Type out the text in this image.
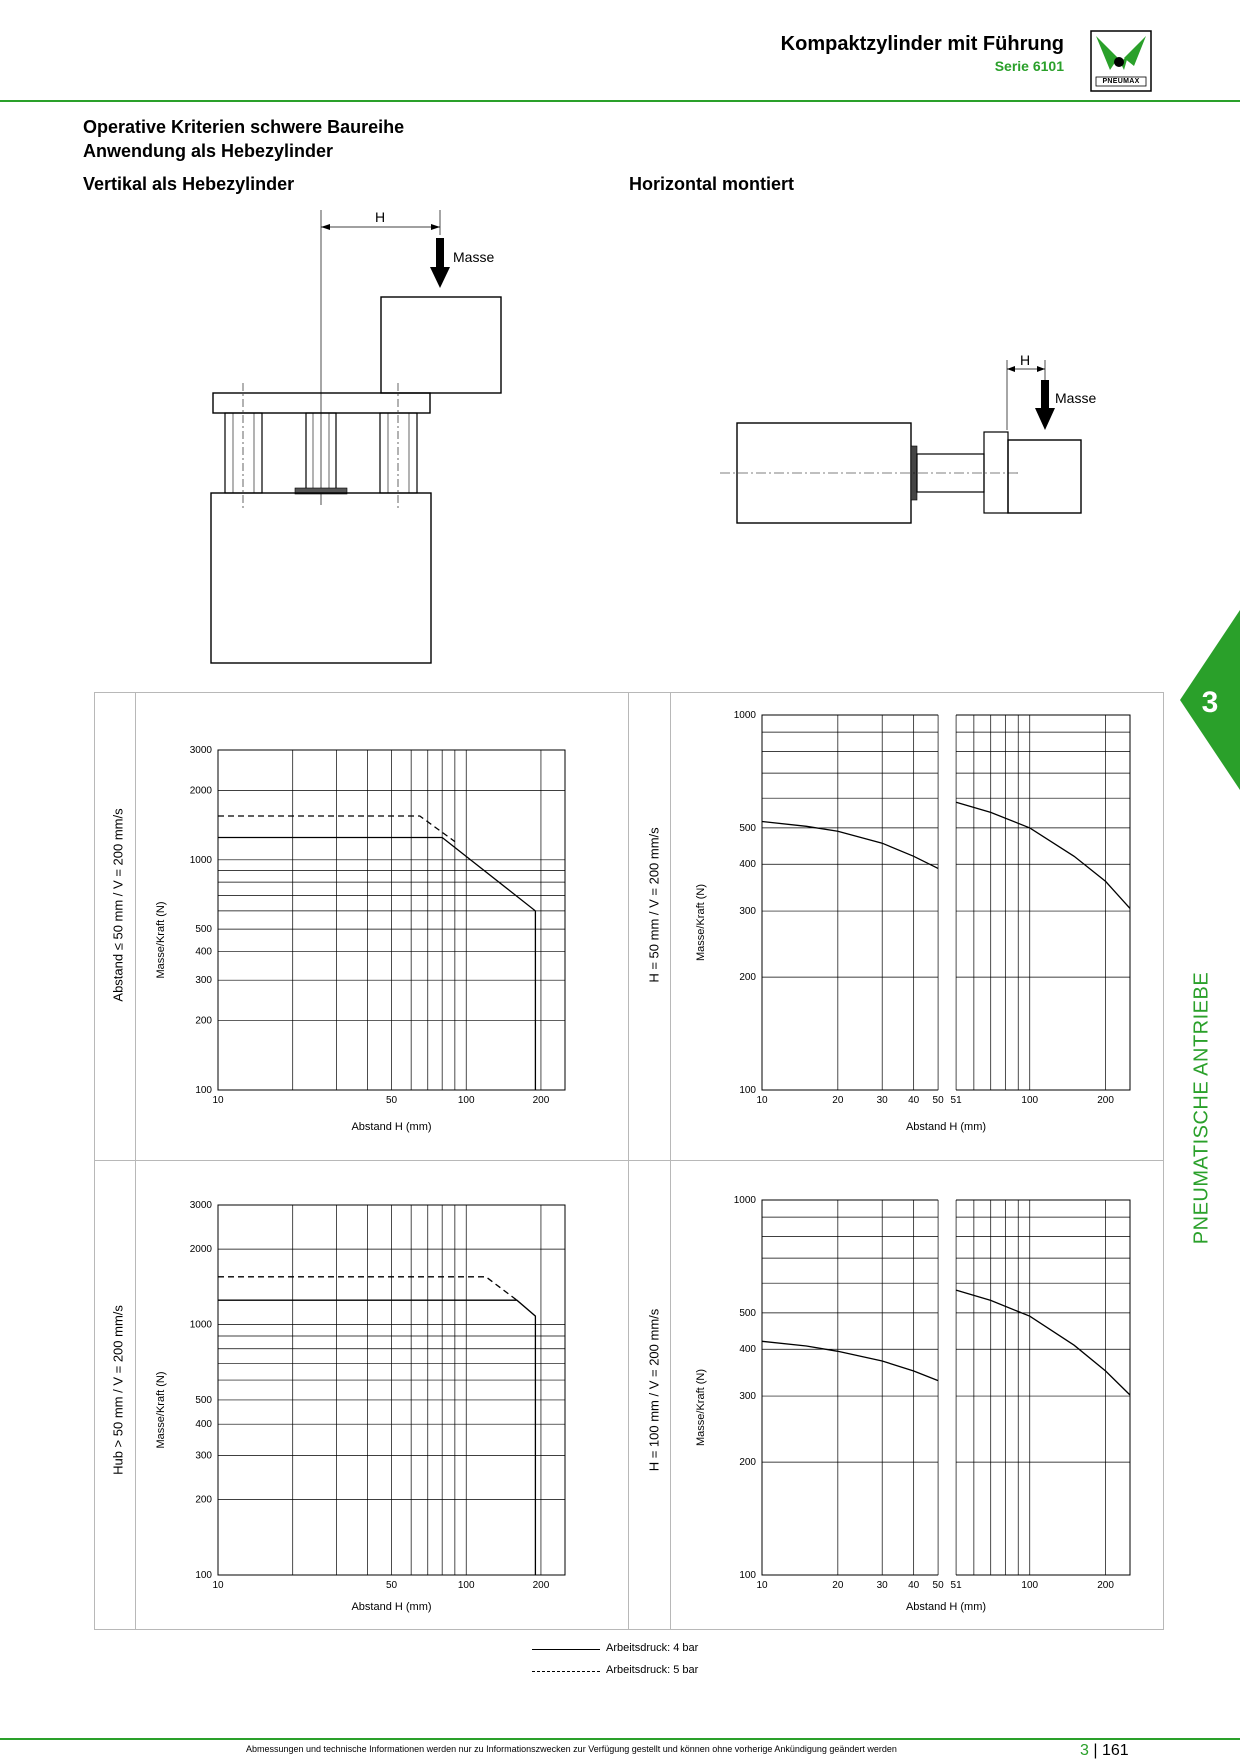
Kompaktzylinder mit Führung
Serie 6101
PNEUMAX
Operative Kriterien schwere Baureihe
Anwendung als Hebezylinder
Vertikal als Hebezylinder	Horizontal montiert
H
Masse
H
Masse
3
PNEUMATISCHE ANTRIEBE
Abstand ≤ 50 mm / V = 200 mm/s
Hub > 50 mm / V = 200 mm/s
H = 50 mm / V = 200 mm/s
H = 100 mm / V = 200 mm/s
100
200
300
400
500
1000
2000
3000
10	50	100	200
Abstand H (mm)
Masse/Kraft (N)
100
200
300
400
500
1000
10	20	30 40 50 51	100	200
Abstand H (mm)
Masse/Kraft (N)
100
200
300
400
500
1000
2000
3000
10	50	100	200
Abstand H (mm)
Masse/Kraft (N)
100
200
300
400
500
1000
10	20	30 40 50 51	100	200
Abstand H (mm)
Masse/Kraft (N)
Arbeitsdruck: 4 bar
Arbeitsdruck: 5 bar
Abmessungen und technische Informationen werden nur zu Informationszwecken zur Verfügung gestellt und können ohne vorherige Ankündigung geändert werden	3 | 161
